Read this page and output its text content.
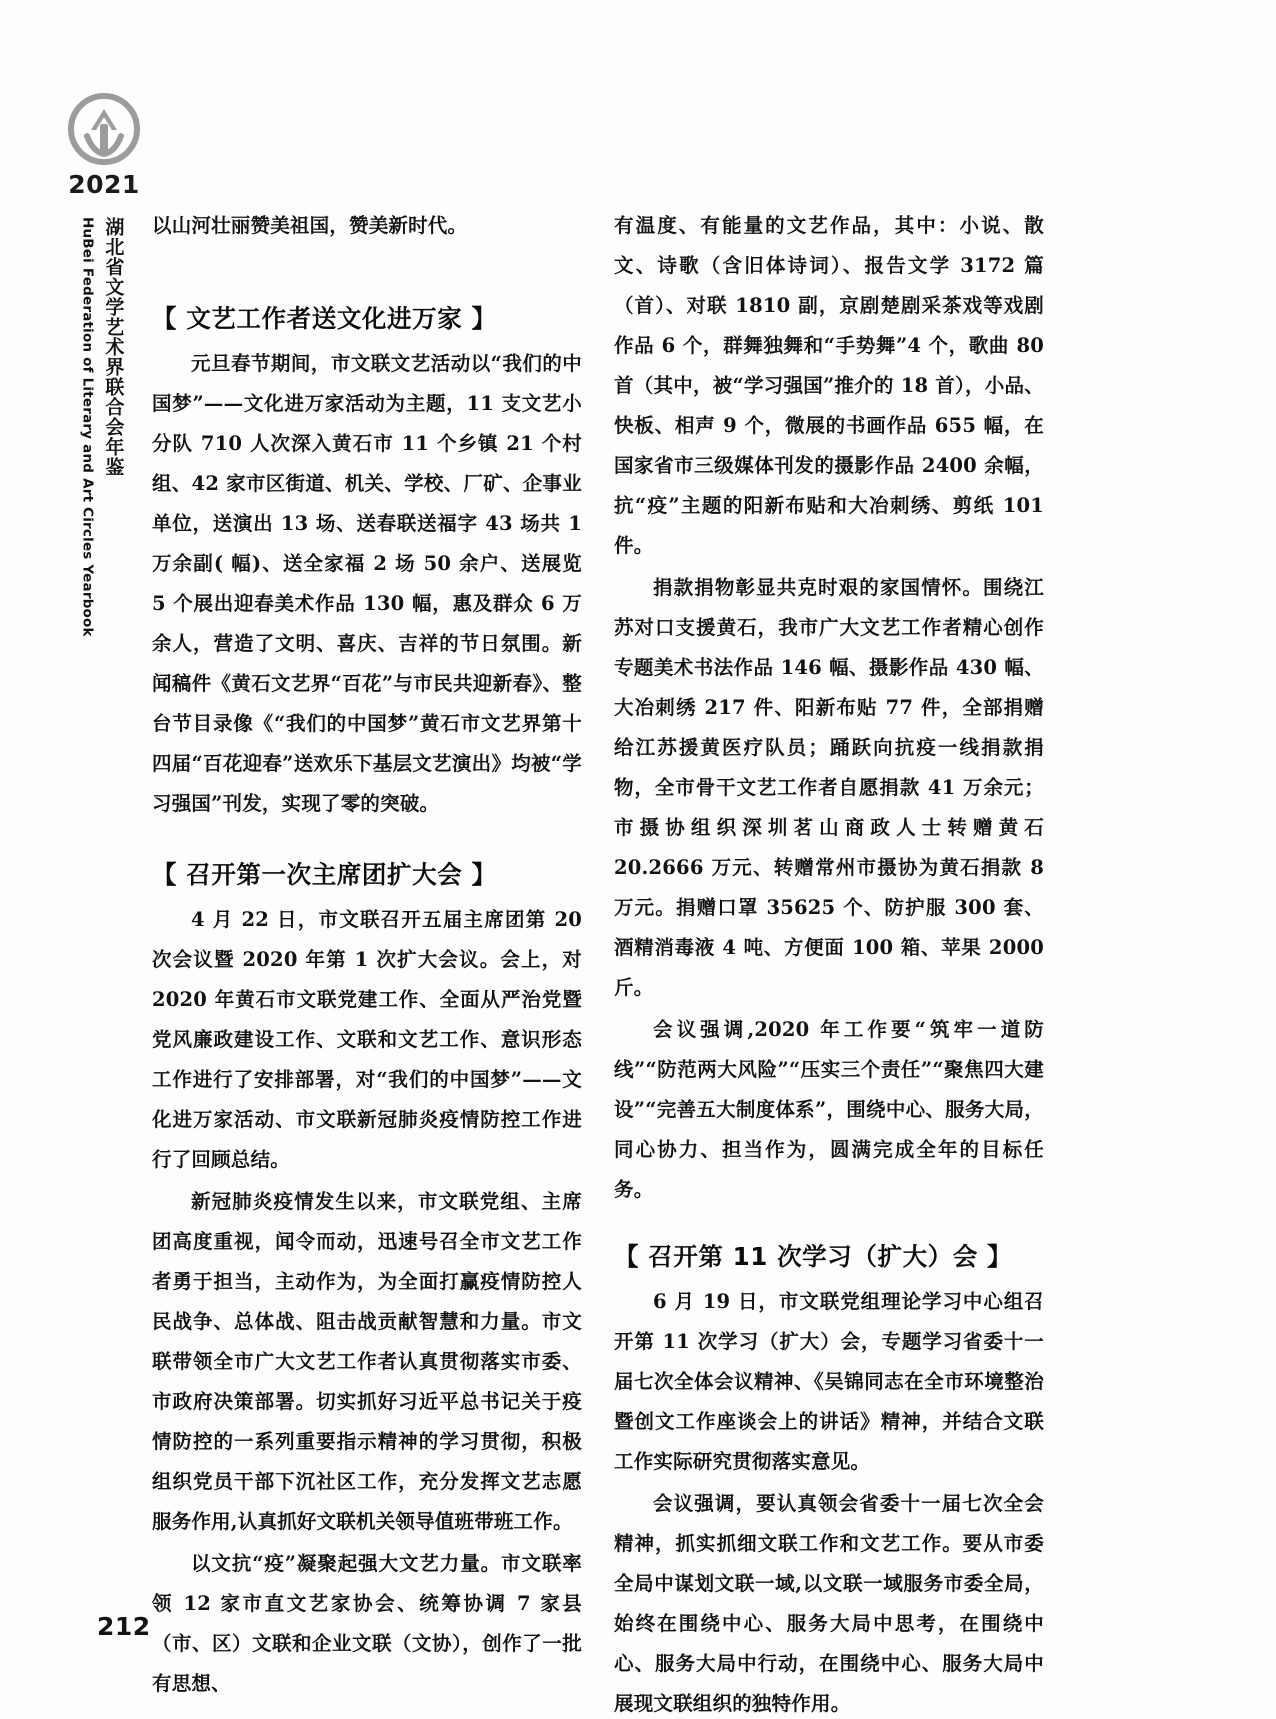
2021
湖北省文学艺术界联合会年鉴
HuBei Federation of Literary and Art Circles Yearbook	以山河壮丽赞美祖国，赞美新时代。

【 文艺工作者送文化进万家 】

元旦春节期间，市文联文艺活动以“我们的中国梦”——文化进万家活动为主题，11 支文艺小分队 710 人次深入黄石市 11 个乡镇 21 个村组、42 家市区街道、机关、学校、厂矿、企事业单位，送演出 13 场、送春联送福字 43 场共 1 万余副( 幅)、送全家福 2 场 50 余户、送展览 5 个展出迎春美术作品 130 幅，惠及群众 6 万余人，营造了文明、喜庆、吉祥的节日氛围。新闻稿件《黄石文艺界“百花”与市民共迎新春》、整台节目录像《“我们的中国梦”黄石市文艺界第十四届“百花迎春”送欢乐下基层文艺演出》均被“学习强国”刊发，实现了零的突破。

【 召开第一次主席团扩大会 】

4 月 22 日，市文联召开五届主席团第 20 次会议暨 2020 年第 1 次扩大会议。会上，对 2020 年黄石市文联党建工作、全面从严治党暨党风廉政建设工作、文联和文艺工作、意识形态工作进行了安排部署，对“我们的中国梦”——文化进万家活动、市文联新冠肺炎疫情防控工作进行了回顾总结。

新冠肺炎疫情发生以来，市文联党组、主席团高度重视，闻令而动，迅速号召全市文艺工作者勇于担当，主动作为，为全面打赢疫情防控人民战争、总体战、阻击战贡献智慧和力量。市文联带领全市广大文艺工作者认真贯彻落实市委、市政府决策部署。切实抓好习近平总书记关于疫情防控的一系列重要指示精神的学习贯彻，积极组织党员干部下沉社区工作，充分发挥文艺志愿服务作用,认真抓好文联机关领导值班带班工作。

以文抗“疫”凝聚起强大文艺力量。市文联率领 12 家市直文艺家协会、统筹协调 7 家县（市、区）文联和企业文联（文协），创作了一批有思想、

有温度、有能量的文艺作品，其中：小说、散文、诗歌（含旧体诗词）、报告文学 3172 篇（首）、对联 1810 副，京剧楚剧采茶戏等戏剧作品 6 个，群舞独舞和“手势舞”4 个，歌曲 80 首（其中，被“学习强国”推介的 18 首），小品、快板、相声 9 个，微展的书画作品 655 幅，在国家省市三级媒体刊发的摄影作品 2400 余幅，抗“疫”主题的阳新布贴和大冶刺绣、剪纸 101 件。

捐款捐物彰显共克时艰的家国情怀。围绕江苏对口支援黄石，我市广大文艺工作者精心创作专题美术书法作品 146 幅、摄影作品 430 幅、大冶刺绣 217 件、阳新布贴 77 件，全部捐赠给江苏援黄医疗队员；踊跃向抗疫一线捐款捐物，全市骨干文艺工作者自愿捐款 41 万余元；市摄协组织深圳茗山商政人士转赠黄石 20.2666 万元、转赠常州市摄协为黄石捐款 8 万元。捐赠口罩 35625 个、防护服 300 套、酒精消毒液 4 吨、方便面 100 箱、苹果 2000 斤。

会议强调,2020 年工作要“筑牢一道防线”“防范两大风险”“压实三个责任”“聚焦四大建设”“完善五大制度体系”，围绕中心、服务大局，同心协力、担当作为，圆满完成全年的目标任务。

【 召开第 11 次学习（扩大）会 】

6 月 19 日，市文联党组理论学习中心组召开第 11 次学习（扩大）会，专题学习省委十一届七次全体会议精神、《吴锦同志在全市环境整治暨创文工作座谈会上的讲话》精神，并结合文联工作实际研究贯彻落实意见。

会议强调，要认真领会省委十一届七次全会精神，抓实抓细文联工作和文艺工作。要从市委全局中谋划文联一域,以文联一域服务市委全局，始终在围绕中心、服务大局中思考，在围绕中心、服务大局中行动，在围绕中心、服务大局中展现文联组织的独特作用。

212
